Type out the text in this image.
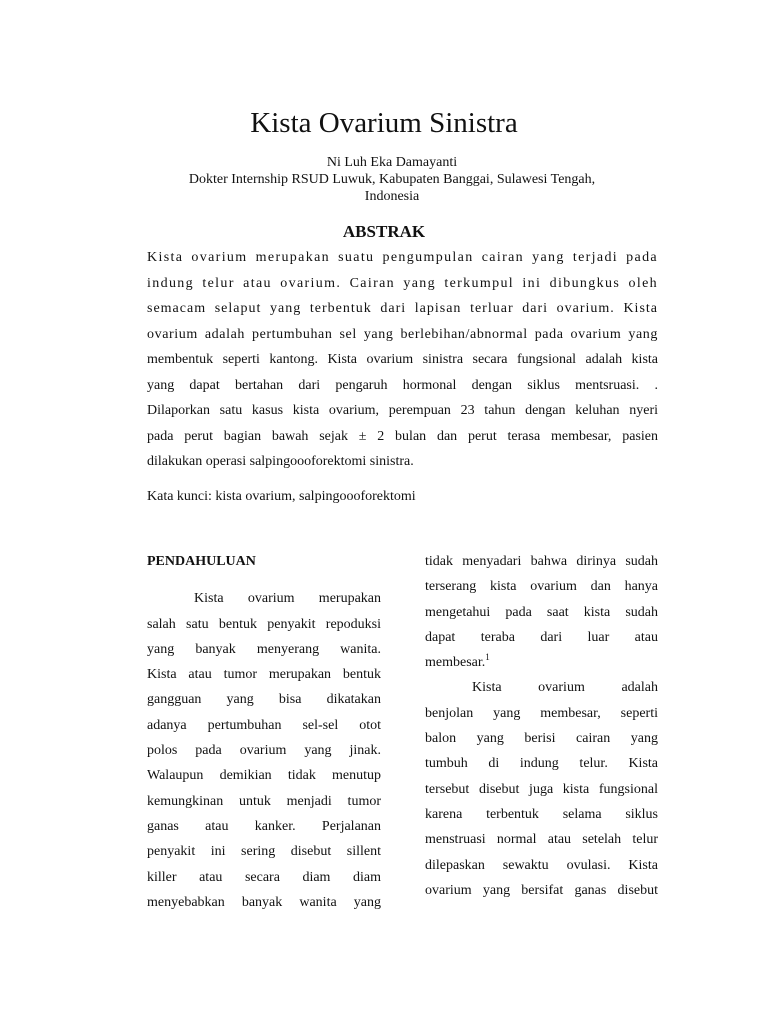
Kista Ovarium Sinistra
Ni Luh Eka Damayanti
Dokter Internship RSUD Luwuk, Kabupaten Banggai, Sulawesi Tengah,
Indonesia
ABSTRAK
Kista ovarium merupakan suatu pengumpulan cairan yang terjadi pada
indung telur atau ovarium. Cairan yang terkumpul ini dibungkus oleh
semacam selaput yang terbentuk dari lapisan terluar dari ovarium. Kista
ovarium adalah pertumbuhan sel yang berlebihan/abnormal pada ovarium yang
membentuk seperti kantong. Kista ovarium sinistra secara fungsional adalah kista
yang dapat bertahan dari pengaruh hormonal dengan siklus mentsruasi. .
Dilaporkan satu kasus kista ovarium, perempuan 23 tahun dengan keluhan nyeri
pada perut bagian bawah sejak ± 2 bulan dan perut terasa membesar, pasien
dilakukan operasi salpingoooforektomi sinistra.

Kata kunci: kista ovarium, salpingoooforektomi

PENDAHULUAN
Kista ovarium merupakan
salah satu bentuk penyakit repoduksi
yang banyak menyerang wanita.
Kista atau tumor merupakan bentuk
gangguan yang bisa dikatakan
adanya pertumbuhan sel-sel otot
polos pada ovarium yang jinak.
Walaupun demikian tidak menutup
kemungkinan untuk menjadi tumor
ganas atau kanker. Perjalanan
penyakit ini sering disebut sillent
killer atau secara diam diam
menyebabkan banyak wanita yang
tidak menyadari bahwa dirinya sudah
terserang kista ovarium dan hanya
mengetahui pada saat kista sudah
dapat teraba dari luar atau
membesar.$^1$
Kista ovarium adalah
benjolan yang membesar, seperti
balon yang berisi cairan yang
tumbuh di indung telur. Kista
tersebut disebut juga kista fungsional
karena terbentuk selama siklus
menstruasi normal atau setelah telur
dilepaskan sewaktu ovulasi. Kista
ovarium yang bersifat ganas disebut
